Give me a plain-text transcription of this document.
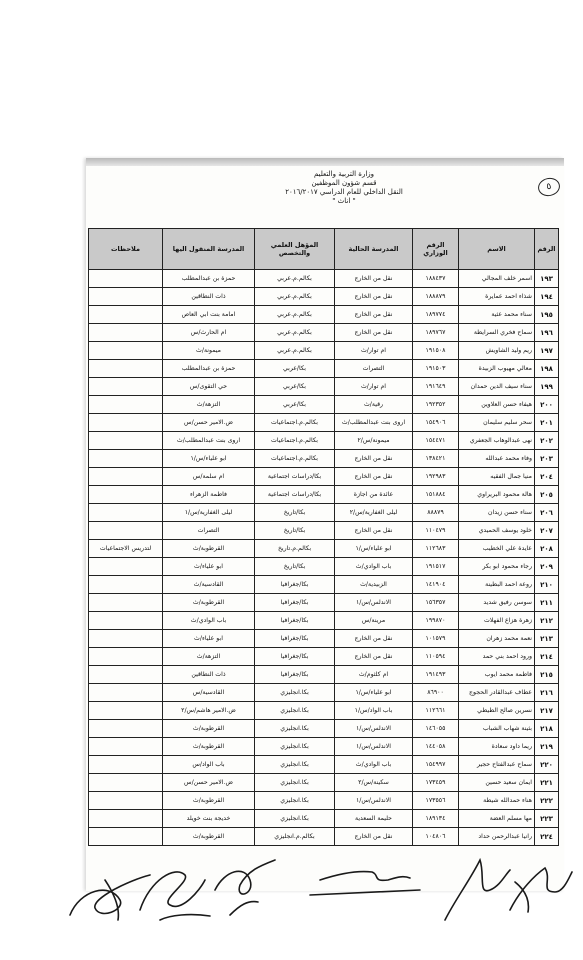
وزارة التربية والتعليم
قسم شؤون الموظفين
النقل الداخلي للعام الدراسي ٢٠١٦/٢٠١٧
" اناث "
٥
الرقم	الاسم	الرقم الوزاري	المدرسة الحالية	المؤهل العلمي والتخصص	المدرسة المنقول اليها	ملاحظات
١٩٣	اسمر خلف المجالي	١٨٨٤٣٧	نقل من الخارج	بكالم.م.عربي	حمزة بن عبدالمطلب	
١٩٤	شذاء احمد عمايرة	١٨٨٨٧٩	نقل من الخارج	بكالم.م.عربي	ذات النطاقين	
١٩٥	سناء محمد عثية	١٨٩٧٧٤	نقل من الخارج	بكالم.م.عربي	امامة بنت ابي العاص	
١٩٦	سماح فخري السرايطة	١٨٩٧٦٧	نقل من الخارج	بكالم.م.عربي	ام الحارث/س	
١٩٧	ريم وليد الشاويش	١٩١٥٠٨	ام توار/ث	بكالم.م.عربي	ميمونة/ث	
١٩٨	معالي مهيوب الزبيدة	١٩١٥٠٣	التصرات	بكا/عربي	حمزة بن عبدالمطلب	
١٩٩	سناء سيف الدين حمدان	١٩١٦٤٩	ام توار/ث	بكا/عربي	حي التقوى/س	
٢٠٠	هيفاء حسن العلاوين	١٩٢٣٥٢	رقية/ث	بكا/عربي	التزهة/ث	
٢٠١	سحر سليم سليمان	١٥٤٩٠٦	اروى بنت عبدالمطلب/ث	بكالم.م.اجتماعيات	ض.الامير حسن/س	
٢٠٢	نهى عبدالوهاب الجعفري	١٥٤٤٧١	ميمونة/س/٢	بكالم.م.اجتماعيات	اروى بنت عبدالمطلب/ث	
٢٠٣	وفاء محمد عبدالله	١٣٨٤٢١	نقل من الخارج	بكالم.م.اجتماعيات	ابو علياء/س/١	
٢٠٤	منيا جمال الفقيه	١٩٢٩٨٣	نقل من الخارج	بكا/دراسات اجتماعية	ام سلمة/س	
٢٠٥	هالة محمود البريراوي	١٥١٨٨٤	عائدة من اجازة	بكا/دراسات اجتماعية	فاطمة الزهراء	
٢٠٦	سناء حسن زيدان	٨٨٨٧٩	ليلى الغفارية/س/٢	بكا/تاريخ	ليلى الغفارية/س/١	
٢٠٧	خلود يوسف الحميدي	١١٠٤٧٩	نقل من الخارج	بكا/تاريخ	التصرات	
٢٠٨	عايدة علي الخطيب	١١٢٦٨٣	ابو علياء/س/١	بكالم.م.تاريخ	القرطوبة/ث	لتدريس الاجتماعيات
٢٠٩	رجاء محمود ابو بكر	١٩١٥١٧	باب الوادي/ث	بكا/تاريخ	ابو علياء/ث	
٢١٠	روعة احمد البطينة	١٤١٩٠٤	الزبيدية/ث	بكا/جغرافيا	القادسية/ث	
٢١١	سوسن رفيق شديد	١٥٦٣٥٧	الاندلس/س/١	بكا/جغرافيا	القرطوبة/ث	
٢١٢	زهرة هزاع الفهلات	١٩٩٨٧٠	مرينة/س	بكا/جغرافيا	باب الوادي/ث	
٢١٣	نعمة محمد زهران	١٠١٥٧٩	نقل من الخارج	بكا/جغرافيا	ابو علياء/ث	
٢١٤	ورود احمد بني حمد	١١٠٥٩٤	نقل من الخارج	بكا/جغرافيا	التزهة/ث	
٢١٥	فاطمة محمد ايوب	١٩١٤٩٣	ام كلثوم/ث	بكا/جغرافيا	ذات النطاقين	
٢١٦	عطاف عبدالقادر الحجوج	٨٦٩٠٠	ابو علياء/س/١	بكا.انجليزي	القادسية/س	
٢١٧	نسرين صالح الطيطي	١١٢٦٦١	باب الواد/س/١	بكا.انجليزي	ض.الامير هاشم/س/٢	
٢١٨	بثينة شهاب الشباب	١٤٦٠٥٥	الاندلس/س/١	بكا.انجليزي	القرطوبة/ث	
٢١٩	ريما داود سعادة	١٤٤٠٥٨	الاندلس/س/١	بكا.انجليزي	القرطوبة/ث	
٢٢٠	سماح عبدالفتاح حجير	١٥٤٩٩٧	باب الوادي/ث	بكا.انجليزي	باب الواد/س	
٢٢١	ايمان سعيد حسين	١٧٣٤٥٩	سكينة/س/٢	بكا.انجليزي	ض.الامير حسن/س	
٢٢٢	هناء حمدالله شيطة	١٧٣٥٥٦	الاندلس/س/١	بكا.انجليزي	القرطوبة/ث	
٢٢٣	مها مسلم العضة	١٨٩١٣٤	حليمة السعدية	بكا.انجليزي	خديجة بنت خويلد	
٢٢٤	رانيا عبدالرحمن حداد	١٠٤٨٠٦	نقل من الخارج	بكالم.م.انجليزي	القرطوبة/ث	
